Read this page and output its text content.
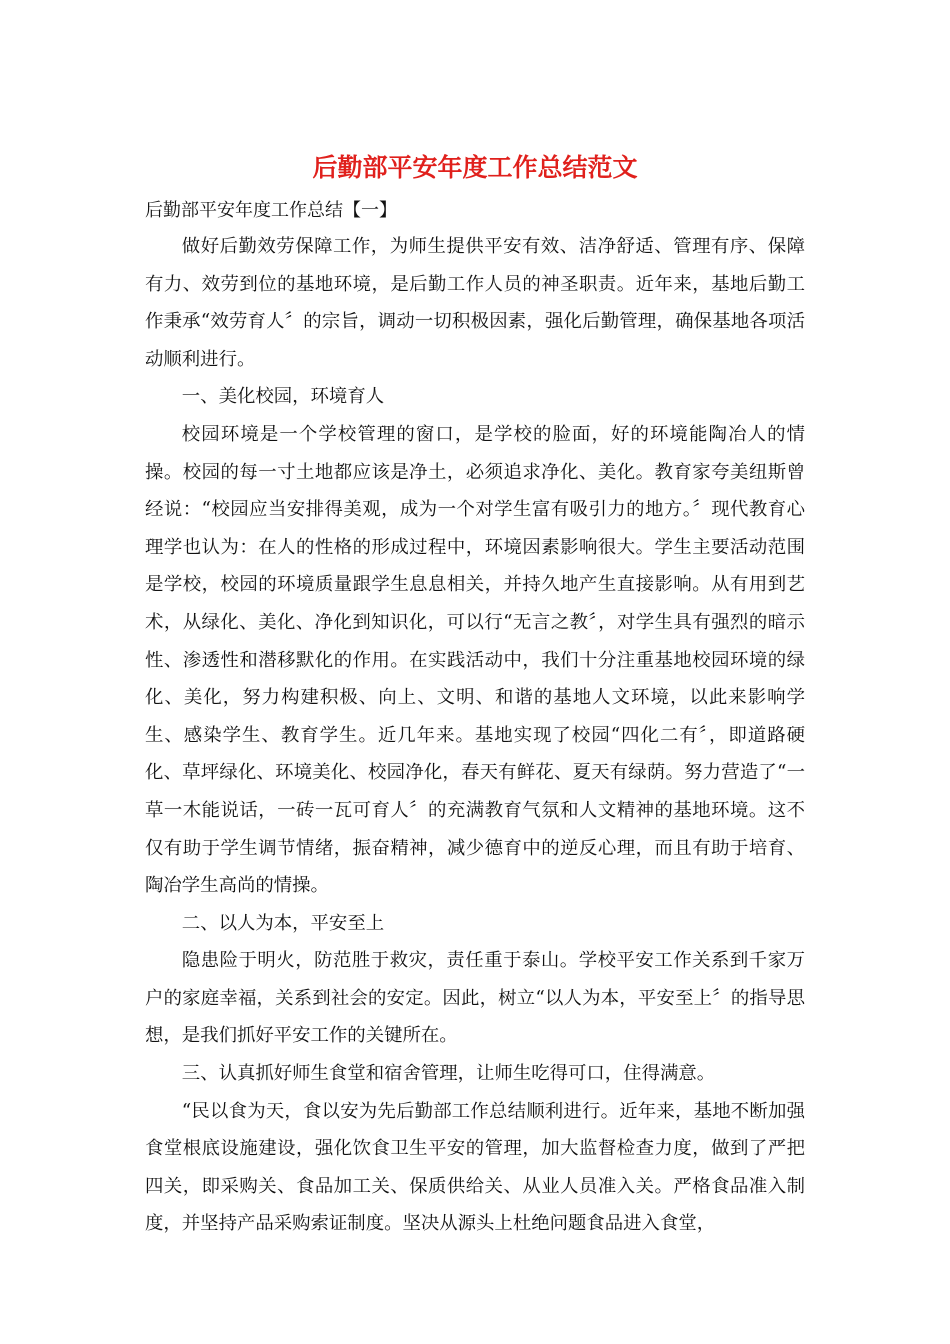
后勤部平安年度工作总结范文
后勤部平安年度工作总结【一】

做好后勤效劳保障工作，为师生提供平安有效、洁净舒适、管理有序、保障有力、效劳到位的基地环境，是后勤工作人员的神圣职责。近年来，基地后勤工作秉承“效劳育人〞的宗旨，调动一切积极因素，强化后勤管理，确保基地各项活动顺利进行。

一、美化校园，环境育人

校园环境是一个学校管理的窗口，是学校的脸面，好的环境能陶冶人的情操。校园的每一寸土地都应该是净土，必须追求净化、美化。教育家夸美纽斯曾经说：“校园应当安排得美观，成为一个对学生富有吸引力的地方。〞现代教育心理学也认为：在人的性格的形成过程中，环境因素影响很大。学生主要活动范围是学校，校园的环境质量跟学生息息相关，并持久地产生直接影响。从有用到艺术，从绿化、美化、净化到知识化，可以行“无言之教〞，对学生具有强烈的暗示性、渗透性和潜移默化的作用。在实践活动中，我们十分注重基地校园环境的绿化、美化，努力构建积极、向上、文明、和谐的基地人文环境，以此来影响学生、感染学生、教育学生。近几年来。基地实现了校园“四化二有〞，即道路硬化、草坪绿化、环境美化、校园净化，春天有鲜花、夏天有绿荫。努力营造了“一草一木能说话，一砖一瓦可育人〞的充满教育气氛和人文精神的基地环境。这不仅有助于学生调节情绪，振奋精神，减少德育中的逆反心理，而且有助于培育、陶冶学生高尚的情操。

二、以人为本，平安至上

隐患险于明火，防范胜于救灾，责任重于泰山。学校平安工作关系到千家万户的家庭幸福，关系到社会的安定。因此，树立“以人为本，平安至上〞的指导思想，是我们抓好平安工作的关键所在。

三、认真抓好师生食堂和宿舍管理，让师生吃得可口，住得满意。

“民以食为天，食以安为先后勤部工作总结顺利进行。近年来，基地不断加强食堂根底设施建设，强化饮食卫生平安的管理，加大监督检查力度，做到了严把四关，即采购关、食品加工关、保质供给关、从业人员准入关。严格食品准入制度，并坚持产品采购索证制度。坚决从源头上杜绝问题食品进入食堂，
